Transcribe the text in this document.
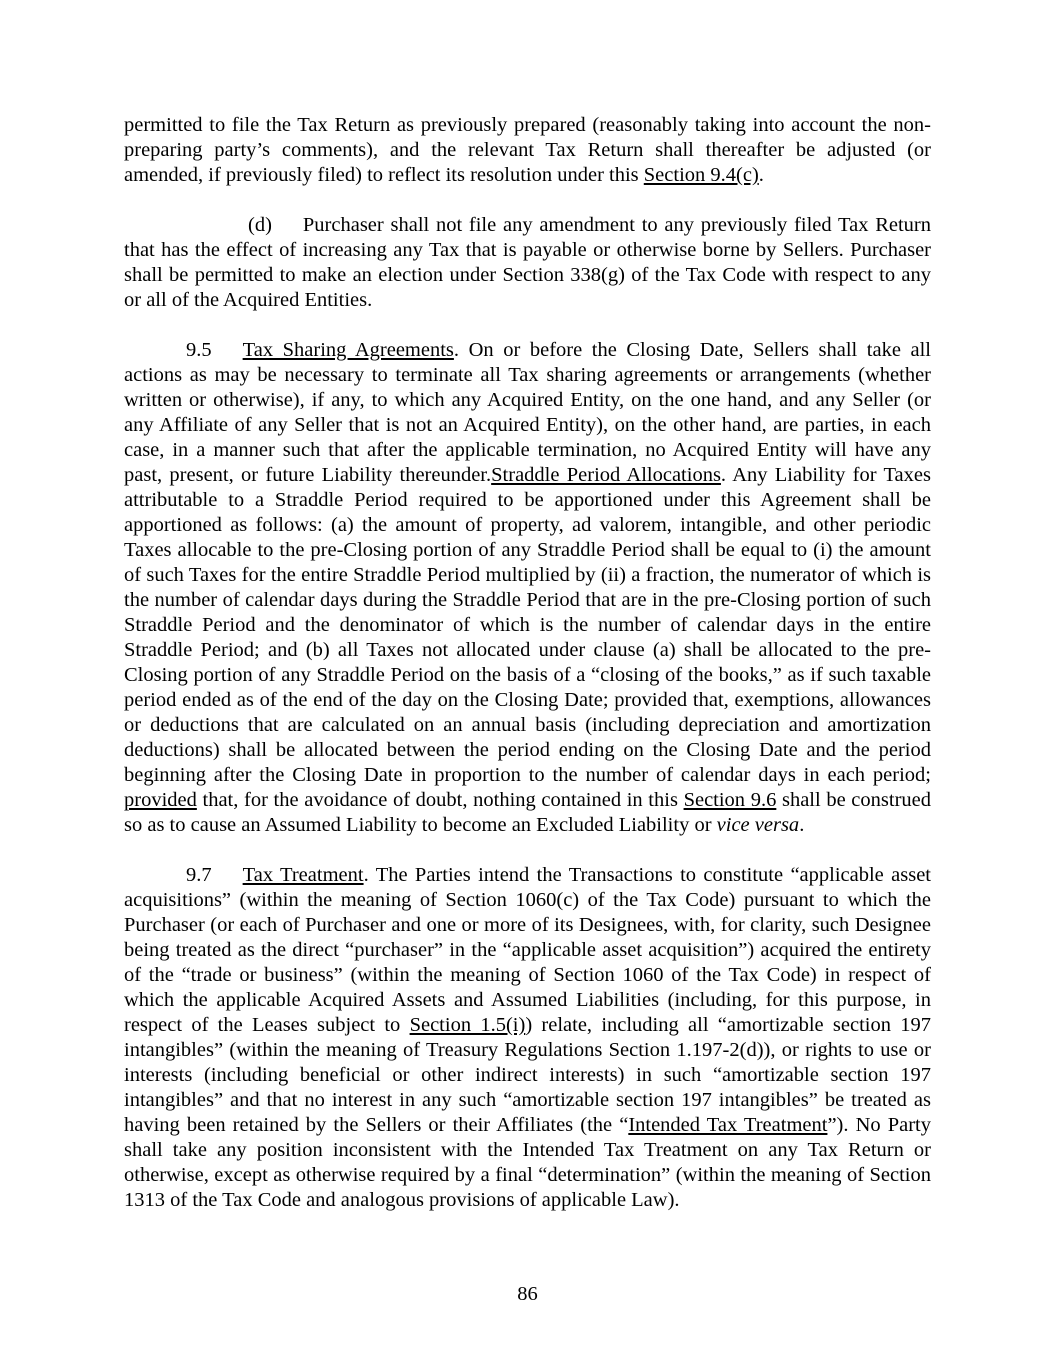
permitted to file the Tax Return as previously prepared (reasonably taking into account the non-preparing party’s comments), and the relevant Tax Return shall thereafter be adjusted (or amended, if previously filed) to reflect its resolution under this Section 9.4(c).

(d) Purchaser shall not file any amendment to any previously filed Tax Return that has the effect of increasing any Tax that is payable or otherwise borne by Sellers. Purchaser shall be permitted to make an election under Section 338(g) of the Tax Code with respect to any or all of the Acquired Entities.

9.5 Tax Sharing Agreements. On or before the Closing Date, Sellers shall take all actions as may be necessary to terminate all Tax sharing agreements or arrangements (whether written or otherwise), if any, to which any Acquired Entity, on the one hand, and any Seller (or any Affiliate of any Seller that is not an Acquired Entity), on the other hand, are parties, in each case, in a manner such that after the applicable termination, no Acquired Entity will have any past, present, or future Liability thereunder.Straddle Period Allocations. Any Liability for Taxes attributable to a Straddle Period required to be apportioned under this Agreement shall be apportioned as follows: (a) the amount of property, ad valorem, intangible, and other periodic Taxes allocable to the pre-Closing portion of any Straddle Period shall be equal to (i) the amount of such Taxes for the entire Straddle Period multiplied by (ii) a fraction, the numerator of which is the number of calendar days during the Straddle Period that are in the pre-Closing portion of such Straddle Period and the denominator of which is the number of calendar days in the entire Straddle Period; and (b) all Taxes not allocated under clause (a) shall be allocated to the pre-Closing portion of any Straddle Period on the basis of a “closing of the books,” as if such taxable period ended as of the end of the day on the Closing Date; provided that, exemptions, allowances or deductions that are calculated on an annual basis (including depreciation and amortization deductions) shall be allocated between the period ending on the Closing Date and the period beginning after the Closing Date in proportion to the number of calendar days in each period; provided that, for the avoidance of doubt, nothing contained in this Section 9.6 shall be construed so as to cause an Assumed Liability to become an Excluded Liability or vice versa.

9.7 Tax Treatment. The Parties intend the Transactions to constitute “applicable asset acquisitions” (within the meaning of Section 1060(c) of the Tax Code) pursuant to which the Purchaser (or each of Purchaser and one or more of its Designees, with, for clarity, such Designee being treated as the direct “purchaser” in the “applicable asset acquisition”) acquired the entirety of the “trade or business” (within the meaning of Section 1060 of the Tax Code) in respect of which the applicable Acquired Assets and Assumed Liabilities (including, for this purpose, in respect of the Leases subject to Section 1.5(i)) relate, including all “amortizable section 197 intangibles” (within the meaning of Treasury Regulations Section 1.197-2(d)), or rights to use or interests (including beneficial or other indirect interests) in such “amortizable section 197 intangibles” and that no interest in any such “amortizable section 197 intangibles” be treated as having been retained by the Sellers or their Affiliates (the “Intended Tax Treatment”). No Party shall take any position inconsistent with the Intended Tax Treatment on any Tax Return or otherwise, except as otherwise required by a final “determination” (within the meaning of Section 1313 of the Tax Code and analogous provisions of applicable Law).

86
